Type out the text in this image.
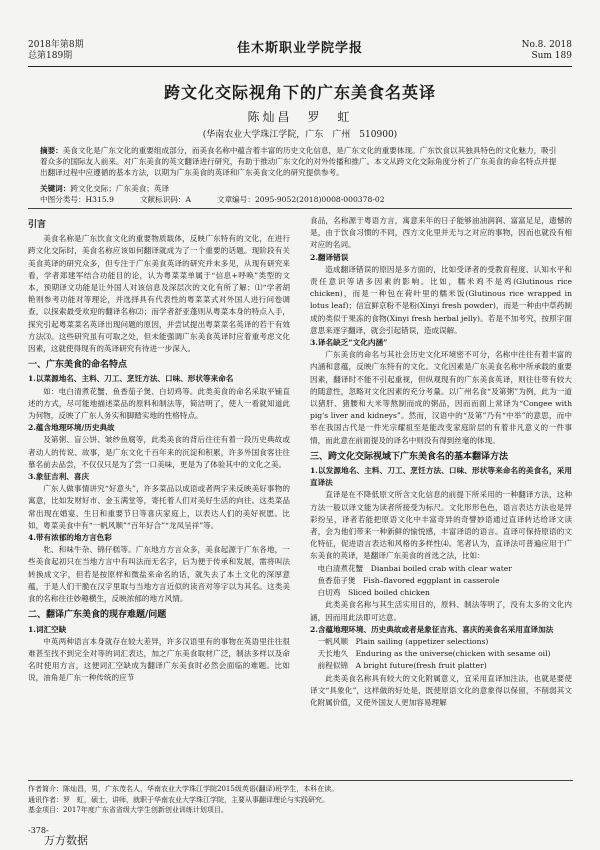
2018年第8期
总第189期	佳木斯职业学院学报	No.8. 2018
Sum 189
跨文化交际视角下的广东美食名英译
陈灿昌　罗　虹
(华南农业大学珠江学院，广东　广州　510900)
摘要：美食文化是广东文化的重要组成部分，而美食名称中蕴含着丰富的历史文化信息，是广东文化的重要体现。广东饮食以其独具特色的文化魅力，吸引着众多的国际友人前来。对广东美食的英文翻译进行研究，有助于推动广东文化的对外传播和推广。本文从跨文化交际角度分析了广东美食的命名特点并提出翻译过程中应遵循的基本方法，以期为广东美食的英译和广东美食文化的研究提供参考。
关键词：跨文化交际；广东美食；英译
中图分类号：H315.9	文献标识码：A	文章编号：2095-9052(2018)0008-000378-02
引言

美食名称是广东饮食文化的重要物质载体，反映广东特有的文化，在进行跨文化交际时，美食名称应该如何翻译就成为了一个重要的话题。现阶段有关美食英译的研究众多，但专注于广东美食英译的研究并未多见，从现有研究来看，学者郑建军结合功能目的论，认为粤菜菜单属于“信息+呼唤”类型的文本，预期译文功能是让外国人对该信息及深层次的文化有所了解；⑴“学者胡艳则参考功能对等理论，并选择具有代表性的粤菜菜式对外国人进行问卷调查，以探索最受欢迎的翻译名称⑵；而学者舒亚蓬则从粤菜本身的特点入手，探究引起粤菜菜名英译出现问题的原因，并尝试提出粤菜菜名英译的若干有效方法⑶。这些研究虽有可取之处，但未能强调广东美食英译时应着重考虑文化因素，这就使得现有的英译研究有待进一步深入。

一、广东美食的命名特点
1.以菜源地名、主料、刀工、烹饪方法、口味、形状等来命名

如：电白清煮花蟹、鱼香茄子煲、白切鸡等。此类美食的命名采取平铺直述的方式，尽可能地描述菜品的原料和制法等，简洁明了，使人一看就知道此为何物，反映了广东人务实和脚踏实地的性格特点。

2.蕴含地理环境/历史典故

及第粥、盲公饼、皱纱鱼腐等，此类美食的背后往往有着一段历史典故或者动人的传说、故事，是广东文化千百年来的沉淀和积累，许多外国食客往往慕名前去品尝，不仅仅只是为了尝一口美味，更是为了体验其中的文化之美。

3.象征吉利、喜庆

广东人做事情讲究“好意头”，许多菜品以成语或者两字来反映美好事物的寓意，比如发财好市、金玉满堂等，寄托着人们对美好生活的向往。这类菜品常出现在婚宴、生日和重要节日等喜庆家庭上，以表达人们的美好祝愿。比如，粤菜美食中有“一帆风顺”“百年好合”“龙凤呈祥”等。

4.带有浓郁的地方言色彩

牝、和味牛杂、锦仔糕等。广东地方方言众多，美食起源于广东各地，一些美食起初只在当地方言中有叫法而无名字，后为便于传承和发展，需将叫法转换成文字，但若是按原样和微盐来命名的话，就失去了本土文化的深厚意蕴，于是人们干脆在汉字里取与当地方言近似的读音对等字以为其名。这类美食的名称往往妙趣横生，反映浓郁的地方风情。

二、翻译广东美食的现存难题/问题
1.词汇空缺

中英两种语言本身就存在较大差异，许多汉语里有的事物在英语里往往很难甚至找不到完全对等的词汇表达，加之广东美食取材广泛，制法多样以及命名时使用方言，这便词汇空缺成为翻译广东美食时必然会面临的难题。比如说，油角是广东一种传统的应节

食品，名称源于粤语方言，寓意来年的日子能够油油润润、富富足足，遗憾的是，由于饮食习惯的不同，西方文化里并无与之对应的事物，因而也就没有相对应的名词。

2.翻译错误

造成翻译错误的原因是多方面的，比如受译者的受教育程度、认知水平和责任意识等诸多因素的影响。比如，糯米鸡不是鸡(Glutinous rice chicken)，而是一种包在荷叶里的糯米饭(Glutinous rice wrapped in lotus leaf)；信宜鲜京粉不是粉(Xinyi fresh powder)，而是一种由中草药制成的类似于果冻的食物(Xinyi fresh herbal jelly)。若是不加考究，按照字面意思来逐字翻译，就会引起错误，造成误解。

3.译名缺乏“文化内涵”

广东美食的命名与其社会历史文化环境密不可分，名称中往往有着丰富的内涵和意蕴，反映广东特有的文化。文化因素是广东美食名称中所承载的重要因素，翻译时不能不引起重视，但纵观现有的广东美食英译，则往往带有较大的随意性，忽略对文化因素的充分考量。以广州名食“及第粥”为例，此为一道以猪肝、猪腰和大米等熬制而成的粥品，因而而面上常译为“Congee with pig's liver and kidneys”。然而，汉语中的“及第”乃有“中举”的意思，而中举在我国古代是一件光宗耀祖至是能改变家庭阶层的有着非凡意义的一件事情，而此意在前面提及的译名中则没有得到丝毫的体现。

三、跨文化交际视域下广东美食名的基本翻译方法
1.以发源地名、主料、刀工、烹饪方法、口味、形状等来命名的美食名，采用直译法

直译是在不降低原文所含文化信息的前提下所采用的一种翻译方法，这种方法一般以译文能为读者所接受为标尺。文化形形色色，语言表达方法也是异彩纷呈，译者若能把原语文化中丰富奇异的奇譬妙语通过直译转达给译文读者，会为他们带来一种新鲜的愉悦感，丰富译语的语言。直译可保持原语的文化特征，促进语言表达和风格的多样性⑷。笔者认为，直译法可普遍应用于广东美食的英译，是翻译广东美食的首选之法，比如：

电白清煮花蟹　 Dianbai boiled crab with clear water
鱼香茄子煲　 Fish–flavored eggplant in casserole
白切鸡　 Sliced boiled chicken

此类美食名称与其生活实用目的，原料、制法等明了，没有太多的文化内涵，因而用此法即可达意。

2.含蕴地理环境、历史典故或者是象征吉兆、喜庆的美食名采用直译加法
一帆风顺　 Plain sailing (appetizer selections)
天长地久　 Enduring as the universe(chicken with sesame oil)
前程似锦　 A bright future(fresh fruit platter)

此类美食名称具有较大的文化附属意义，宜采用直译加注法，也就是要使译文“具象化”，这样做的好处是，既使原语文化的意象得以保留，不削弱其文化附属价值，又使外国友人更加容易理解

作者简介：陈灿昌，男，广东茂名人，华南农业大学珠江学院2015级英语(翻译)班学生，本科在读。

通讯作者：罗　虹，硕士，讲师，就职于华南农业大学珠江学院，主要从事翻译理论与实践研究。

基金项目：2017年度广东省省级大学生创新创业训练计划项目。

-378-
万方数据
